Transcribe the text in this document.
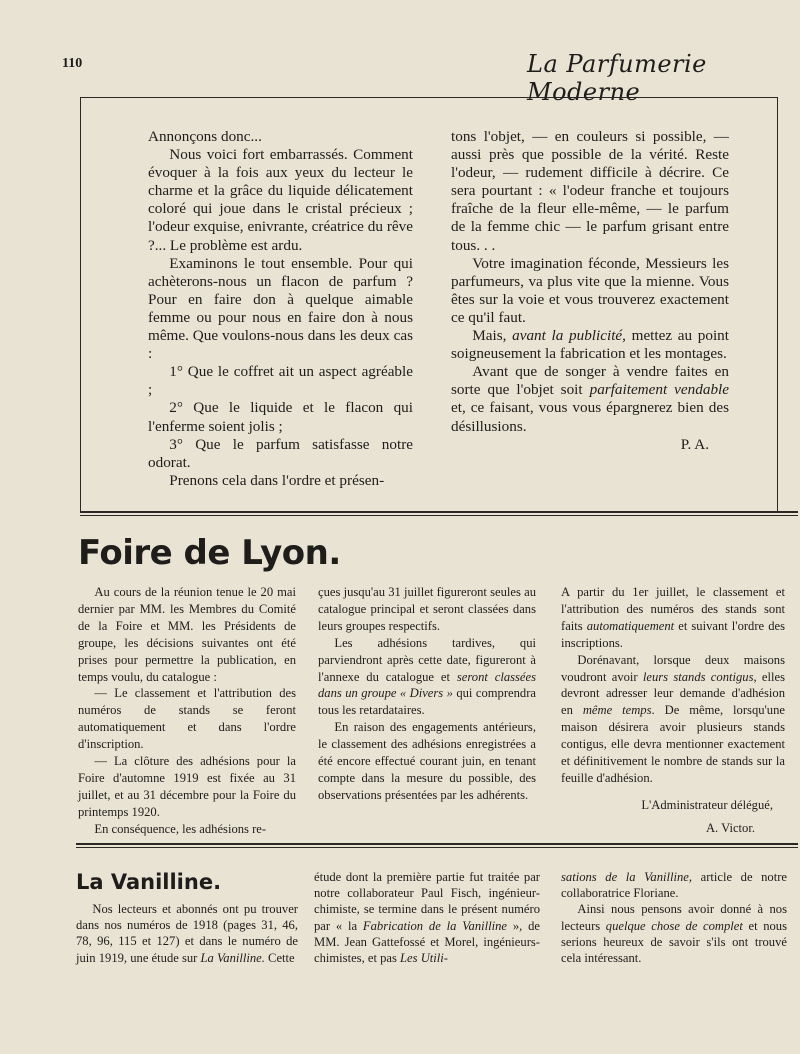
110	La Parfumerie Moderne

Annonçons donc...

Nous voici fort embarrassés. Comment évoquer à la fois aux yeux du lecteur le charme et la grâce du liquide délicatement coloré qui joue dans le cristal précieux ; l'odeur exquise, enivrante, créatrice du rêve ?... Le problème est ardu.

Examinons le tout ensemble. Pour qui achèterons-nous un flacon de parfum ? Pour en faire don à quelque aimable femme ou pour nous en faire don à nous même. Que voulons-nous dans les deux cas :

1° Que le coffret ait un aspect agréable ;

2° Que le liquide et le flacon qui l'enferme soient jolis ;

3° Que le parfum satisfasse notre odorat.

Prenons cela dans l'ordre et présen-

tons l'objet, — en couleurs si possible, — aussi près que possible de la vérité. Reste l'odeur, — rudement difficile à décrire. Ce sera pourtant : « l'odeur franche et toujours fraîche de la fleur elle-même, — le parfum de la femme chic — le parfum grisant entre tous. . .

Votre imagination féconde, Messieurs les parfumeurs, va plus vite que la mienne. Vous êtes sur la voie et vous trouverez exactement ce qu'il faut.

Mais, avant la publicité, mettez au point soigneusement la fabrication et les montages.

Avant que de songer à vendre faites en sorte que l'objet soit parfaitement vendable et, ce faisant, vous vous épargnerez bien des désillusions.

P. A.

Foire de Lyon.

Au cours de la réunion tenue le 20 mai dernier par MM. les Membres du Comité de la Foire et MM. les Présidents de groupe, les décisions suivantes ont été prises pour permettre la publication, en temps voulu, du catalogue :

— Le classement et l'attribution des numéros de stands se feront automatiquement et dans l'ordre d'inscription.

— La clôture des adhésions pour la Foire d'automne 1919 est fixée au 31 juillet, et au 31 décembre pour la Foire du printemps 1920.

En conséquence, les adhésions re-

çues jusqu'au 31 juillet figureront seules au catalogue principal et seront classées dans leurs groupes respectifs.

Les adhésions tardives, qui parviendront après cette date, figureront à l'annexe du catalogue et seront classées dans un groupe « Divers » qui comprendra tous les retardataires.

En raison des engagements antérieurs, le classement des adhésions enregistrées a été encore effectué courant juin, en tenant compte dans la mesure du possible, des observations présentées par les adhérents.

A partir du 1er juillet, le classement et l'attribution des numéros des stands sont faits automatiquement et suivant l'ordre des inscriptions.

Dorénavant, lorsque deux maisons voudront avoir leurs stands contigus, elles devront adresser leur demande d'adhésion en même temps. De même, lorsqu'une maison désirera avoir plusieurs stands contigus, elle devra mentionner exactement et définitivement le nombre de stands sur la feuille d'adhésion.

L'Administrateur délégué,

A. Victor.

La Vanilline.

Nos lecteurs et abonnés ont pu trouver dans nos numéros de 1918 (pages 31, 46, 78, 96, 115 et 127) et dans le numéro de juin 1919, une étude sur La Vanilline. Cette

étude dont la première partie fut traitée par notre collaborateur Paul Fisch, ingénieur-chimiste, se termine dans le présent numéro par « la Fabrication de la Vanilline », de MM. Jean Gattefossé et Morel, ingénieurs-chimistes, et pas Les Utili-

sations de la Vanilline, article de notre collaboratrice Floriane.

Ainsi nous pensons avoir donné à nos lecteurs quelque chose de complet et nous serions heureux de savoir s'ils ont trouvé cela intéressant.
